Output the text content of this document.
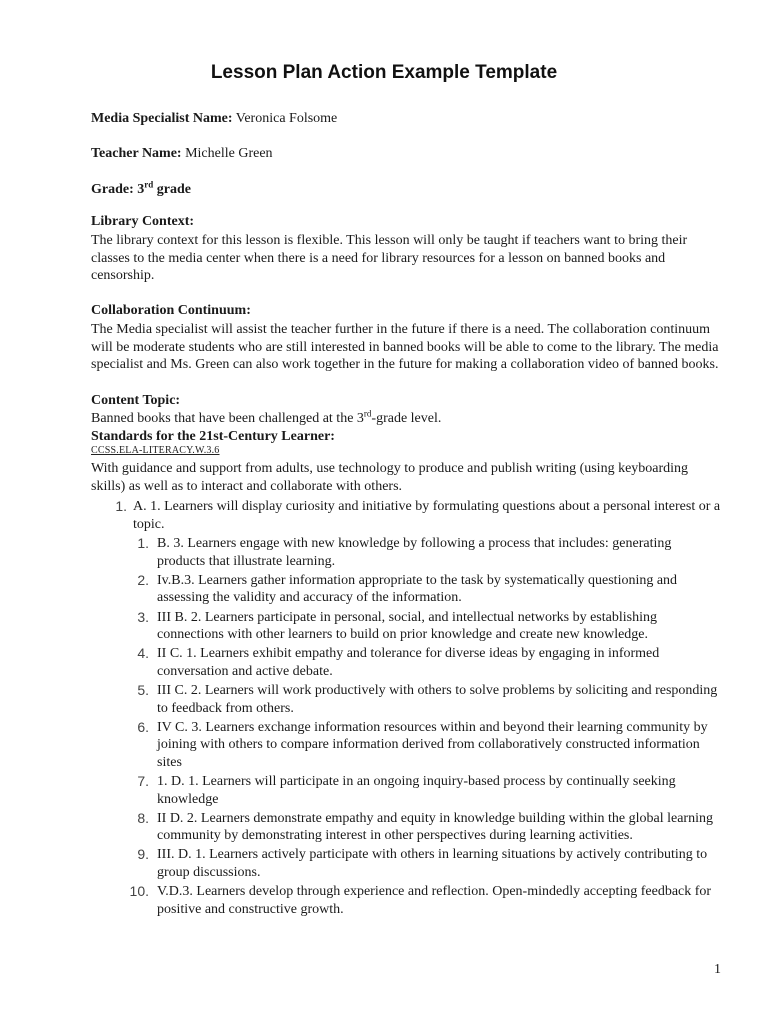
Lesson Plan Action Example Template
Media Specialist Name: Veronica Folsome
Teacher Name: Michelle Green
Grade: 3rd grade
Library Context:
The library context for this lesson is flexible. This lesson will only be taught if teachers want to bring their classes to the media center when there is a need for library resources for a lesson on banned books and censorship.
Collaboration Continuum:
The Media specialist will assist the teacher further in the future if there is a need. The collaboration continuum will be moderate students who are still interested in banned books will be able to come to the library. The media specialist and Ms. Green can also work together in the future for making a collaboration video of banned books.
Content Topic:
Banned books that have been challenged at the 3rd-grade level.
Standards for the 21st-Century Learner:
CCSS.ELA-LITERACY.W.3.6
With guidance and support from adults, use technology to produce and publish writing (using keyboarding skills) as well as to interact and collaborate with others.
1. A. 1. Learners will display curiosity and initiative by formulating questions about a personal interest or a topic.
1. B. 3. Learners engage with new knowledge by following a process that includes: generating products that illustrate learning.
2. Iv.B.3. Learners gather information appropriate to the task by systematically questioning and assessing the validity and accuracy of the information.
3. III B. 2. Learners participate in personal, social, and intellectual networks by establishing connections with other learners to build on prior knowledge and create new knowledge.
4. II C. 1. Learners exhibit empathy and tolerance for diverse ideas by engaging in informed conversation and active debate.
5. III C. 2. Learners will work productively with others to solve problems by soliciting and responding to feedback from others.
6. IV C. 3. Learners exchange information resources within and beyond their learning community by joining with others to compare information derived from collaboratively constructed information sites
7. 1. D. 1. Learners will participate in an ongoing inquiry-based process by continually seeking knowledge
8. II D. 2. Learners demonstrate empathy and equity in knowledge building within the global learning community by demonstrating interest in other perspectives during learning activities.
9. III. D. 1. Learners actively participate with others in learning situations by actively contributing to group discussions.
10. V.D.3. Learners develop through experience and reflection. Open-mindedly accepting feedback for positive and constructive growth.
1
